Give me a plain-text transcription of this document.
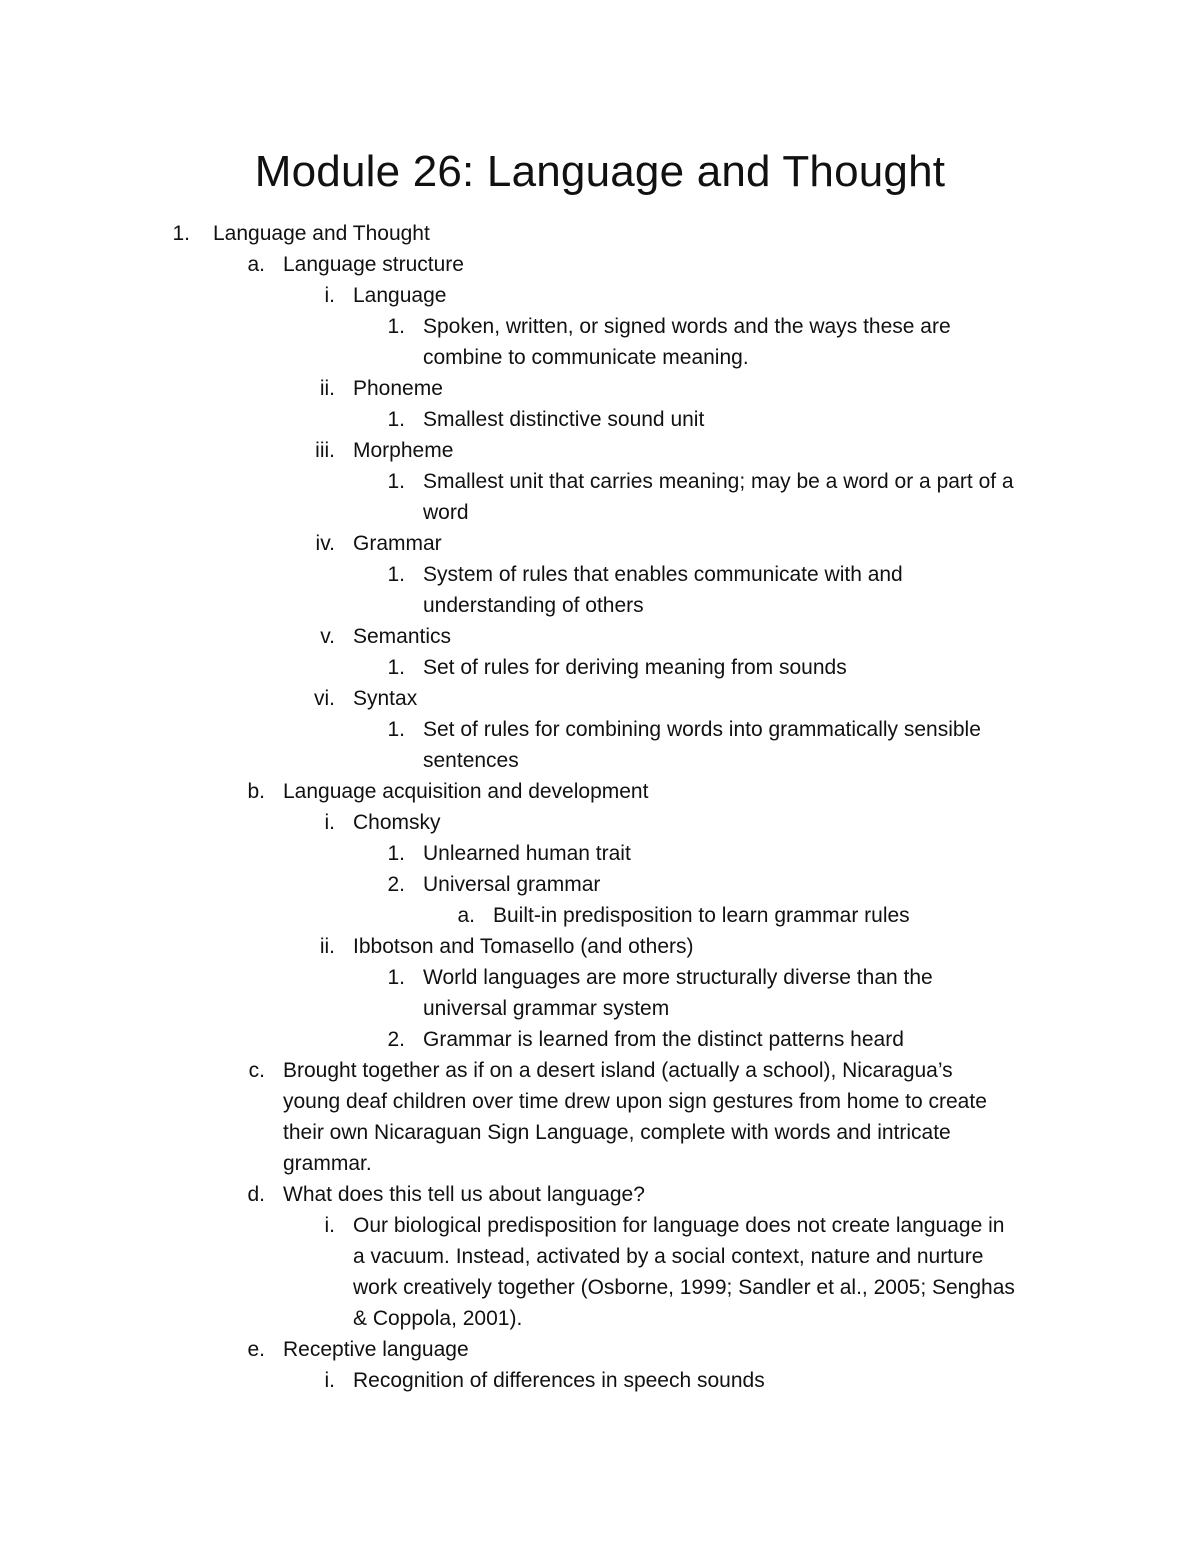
Module 26: Language and Thought
1. Language and Thought
a. Language structure
i. Language
1. Spoken, written, or signed words and the ways these are
combine to communicate meaning.
ii. Phoneme
1. Smallest distinctive sound unit
iii. Morpheme
1. Smallest unit that carries meaning; may be a word or a part of a
word
iv. Grammar
1. System of rules that enables communicate with and
understanding of others
v. Semantics
1. Set of rules for deriving meaning from sounds
vi. Syntax
1. Set of rules for combining words into grammatically sensible
sentences
b. Language acquisition and development
i. Chomsky
1. Unlearned human trait
2. Universal grammar
a. Built-in predisposition to learn grammar rules
ii. Ibbotson and Tomasello (and others)
1. World languages are more structurally diverse than the
universal grammar system
2. Grammar is learned from the distinct patterns heard
c. Brought together as if on a desert island (actually a school), Nicaragua’s
young deaf children over time drew upon sign gestures from home to create
their own Nicaraguan Sign Language, complete with words and intricate
grammar.
d. What does this tell us about language?
i. Our biological predisposition for language does not create language in
a vacuum. Instead, activated by a social context, nature and nurture
work creatively together (Osborne, 1999; Sandler et al., 2005; Senghas
& Coppola, 2001).
e. Receptive language
i. Recognition of differences in speech sounds
